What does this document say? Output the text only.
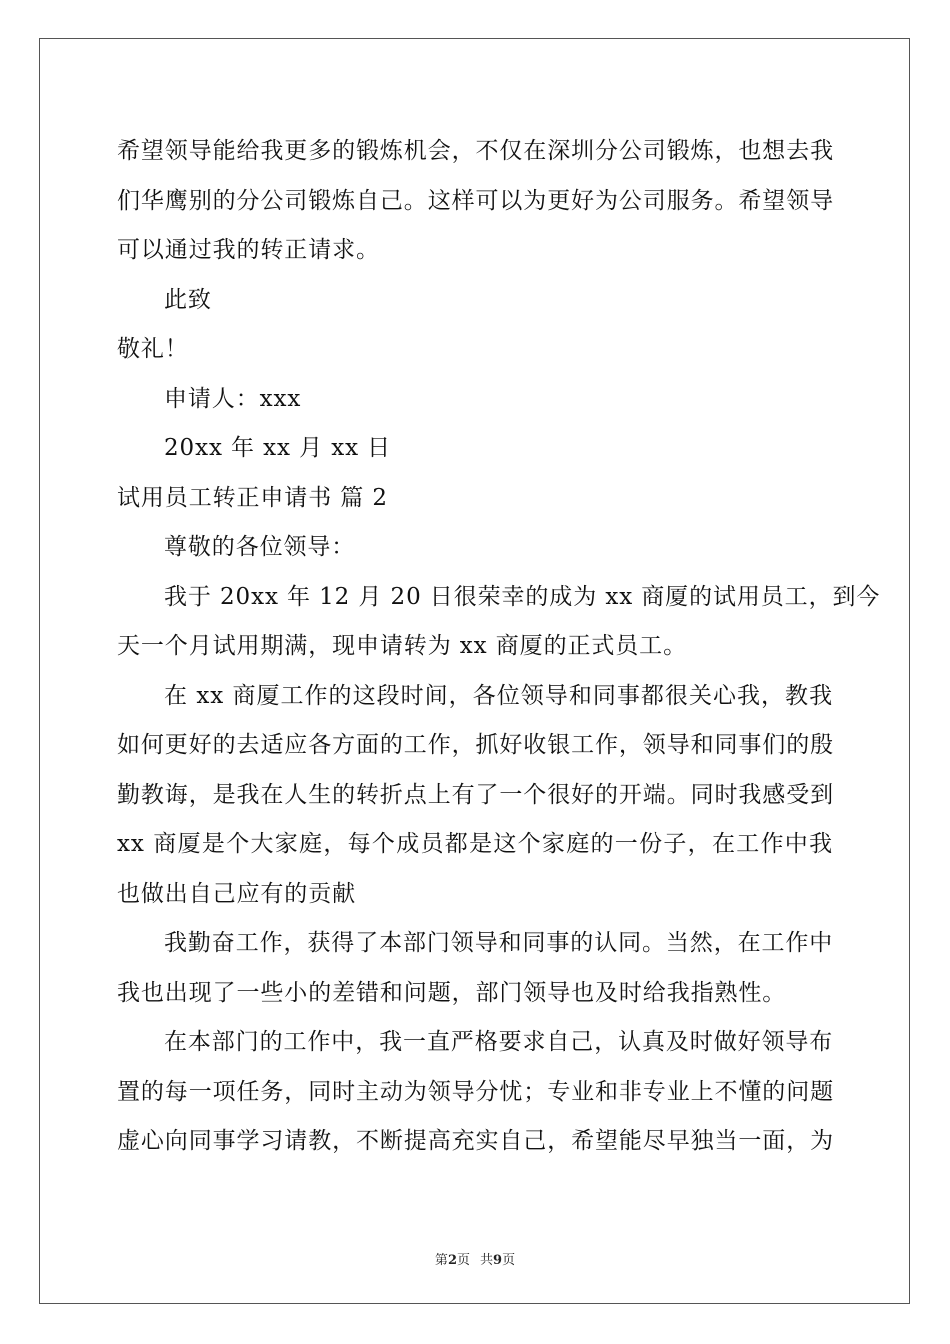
希望领导能给我更多的锻炼机会，不仅在深圳分公司锻炼，也想去我
们华鹰别的分公司锻炼自己。这样可以为更好为公司服务。希望领导
可以通过我的转正请求。
此致
敬礼！
申请人：xxx
20xx 年 xx 月 xx 日
试用员工转正申请书 篇 2
尊敬的各位领导：
我于 20xx 年 12 月 20 日很荣幸的成为 xx 商厦的试用员工，到今
天一个月试用期满，现申请转为 xx 商厦的正式员工。
在 xx 商厦工作的这段时间，各位领导和同事都很关心我，教我
如何更好的去适应各方面的工作，抓好收银工作，领导和同事们的殷
勤教诲，是我在人生的转折点上有了一个很好的开端。同时我感受到
xx 商厦是个大家庭，每个成员都是这个家庭的一份子，在工作中我
也做出自己应有的贡献
我勤奋工作，获得了本部门领导和同事的认同。当然，在工作中
我也出现了一些小的差错和问题，部门领导也及时给我指熟性。
在本部门的工作中，我一直严格要求自己，认真及时做好领导布
置的每一项任务，同时主动为领导分忧；专业和非专业上不懂的问题
虚心向同事学习请教，不断提高充实自己，希望能尽早独当一面，为
第2页 共9页
